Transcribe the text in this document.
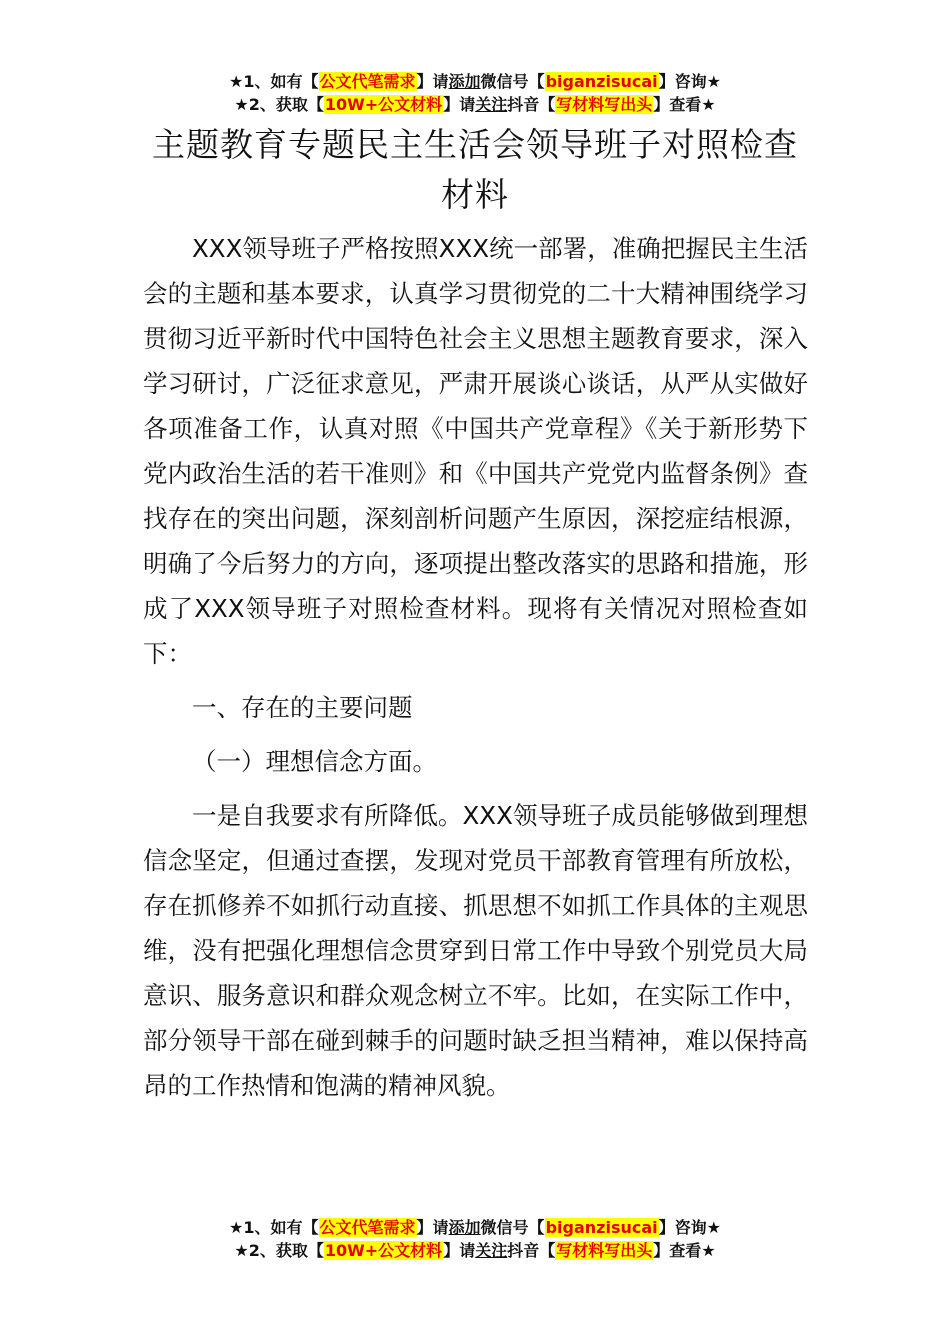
★1、如有【公文代笔需求】请添加微信号【biganzisucai】咨询★
★2、获取【10W+公文材料】请关注抖音【写材料写出头】查看★
主题教育专题民主生活会领导班子对照检查材料

XXX领导班子严格按照XXX统一部署，准确把握民主生活会的主题和基本要求，认真学习贯彻党的二十大精神围绕学习贯彻习近平新时代中国特色社会主义思想主题教育要求，深入学习研讨，广泛征求意见，严肃开展谈心谈话，从严从实做好各项准备工作，认真对照《中国共产党章程》《关于新形势下党内政治生活的若干准则》和《中国共产党党内监督条例》查找存在的突出问题，深刻剖析问题产生原因，深挖症结根源，明确了今后努力的方向，逐项提出整改落实的思路和措施，形成了XXX领导班子对照检查材料。现将有关情况对照检查如下：

一、存在的主要问题

（一）理想信念方面。

一是自我要求有所降低。XXX领导班子成员能够做到理想信念坚定，但通过查摆，发现对党员干部教育管理有所放松，存在抓修养不如抓行动直接、抓思想不如抓工作具体的主观思维，没有把强化理想信念贯穿到日常工作中导致个别党员大局意识、服务意识和群众观念树立不牢。比如，在实际工作中，部分领导干部在碰到棘手的问题时缺乏担当精神，难以保持高昂的工作热情和饱满的精神风貌。

★1、如有【公文代笔需求】请添加微信号【biganzisucai】咨询★
★2、获取【10W+公文材料】请关注抖音【写材料写出头】查看★
